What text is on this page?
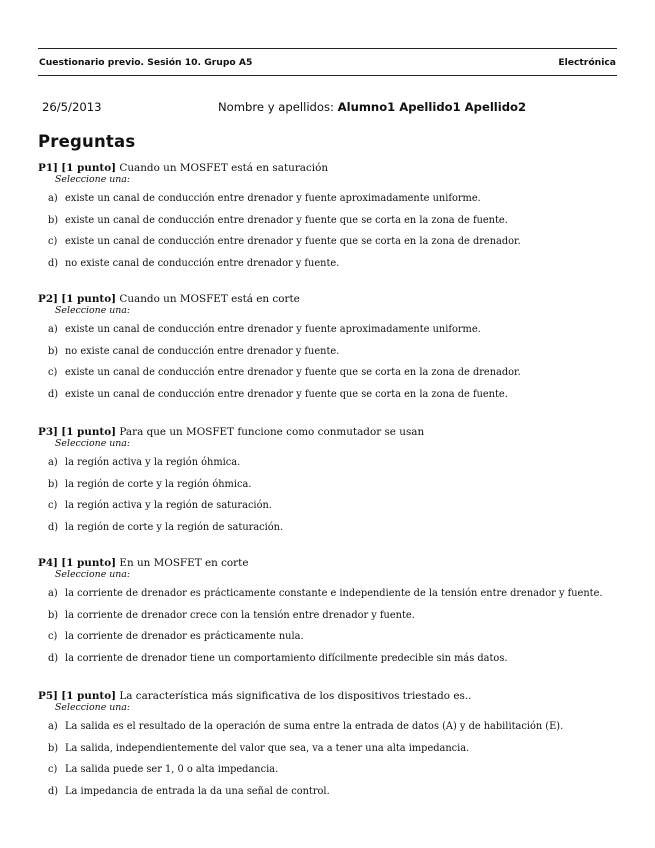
Cuestionario previo. Sesión 10. Grupo A5	Electrónica
26/5/2013	Nombre y apellidos: Alumno1 Apellido1 Apellido2
Preguntas
P1] [1 punto] Cuando un MOSFET está en saturación
Seleccione una:
a) existe un canal de conducción entre drenador y fuente aproximadamente uniforme.
b) existe un canal de conducción entre drenador y fuente que se corta en la zona de fuente.
c) existe un canal de conducción entre drenador y fuente que se corta en la zona de drenador.
d) no existe canal de conducción entre drenador y fuente.
P2] [1 punto] Cuando un MOSFET está en corte
Seleccione una:
a) existe un canal de conducción entre drenador y fuente aproximadamente uniforme.
b) no existe canal de conducción entre drenador y fuente.
c) existe un canal de conducción entre drenador y fuente que se corta en la zona de drenador.
d) existe un canal de conducción entre drenador y fuente que se corta en la zona de fuente.
P3] [1 punto] Para que un MOSFET funcione como conmutador se usan
Seleccione una:
a) la región activa y la región óhmica.
b) la región de corte y la región óhmica.
c) la región activa y la región de saturación.
d) la región de corte y la región de saturación.
P4] [1 punto] En un MOSFET en corte
Seleccione una:
a) la corriente de drenador es prácticamente constante e independiente de la tensión entre drenador y fuente.
b) la corriente de drenador crece con la tensión entre drenador y fuente.
c) la corriente de drenador es prácticamente nula.
d) la corriente de drenador tiene un comportamiento difícilmente predecible sin más datos.
P5] [1 punto] La característica más significativa de los dispositivos triestado es..
Seleccione una:
a) La salida es el resultado de la operación de suma entre la entrada de datos (A) y de habilitación (E).
b) La salida, independientemente del valor que sea, va a tener una alta impedancia.
c) La salida puede ser 1, 0 o alta impedancia.
d) La impedancia de entrada la da una señal de control.
